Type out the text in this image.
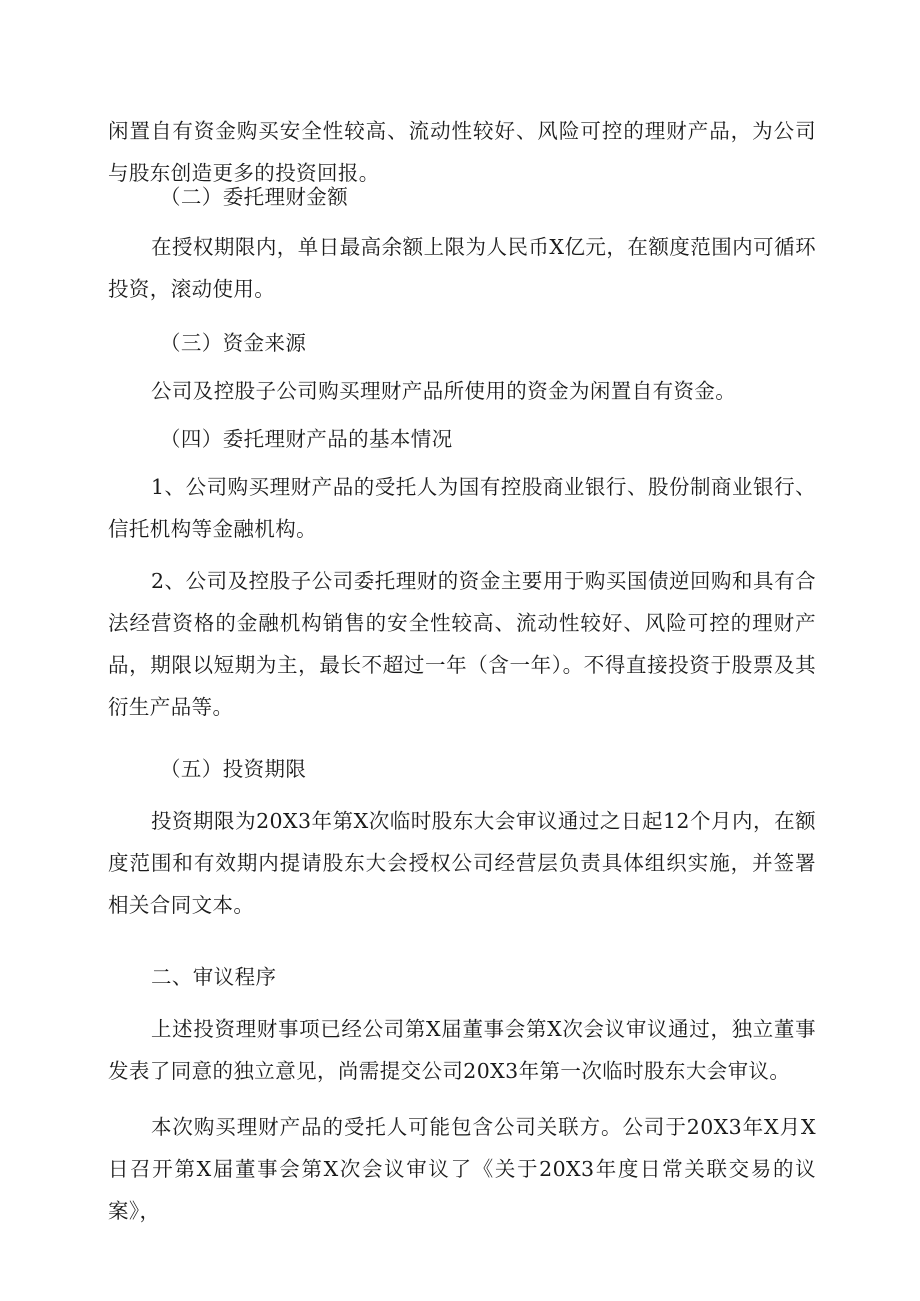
闲置自有资金购买安全性较高、流动性较好、风险可控的理财产品，为公司与股东创造更多的投资回报。

（二）委托理财金额

在授权期限内，单日最高余额上限为人民币X亿元，在额度范围内可循环投资，滚动使用。

（三）资金来源

公司及控股子公司购买理财产品所使用的资金为闲置自有资金。

（四）委托理财产品的基本情况

1、公司购买理财产品的受托人为国有控股商业银行、股份制商业银行、信托机构等金融机构。

2、公司及控股子公司委托理财的资金主要用于购买国债逆回购和具有合法经营资格的金融机构销售的安全性较高、流动性较好、风险可控的理财产品，期限以短期为主，最长不超过一年（含一年）。不得直接投资于股票及其衍生产品等。

（五）投资期限

投资期限为20X3年第X次临时股东大会审议通过之日起12个月内，在额度范围和有效期内提请股东大会授权公司经营层负责具体组织实施，并签署相关合同文本。

二、审议程序

上述投资理财事项已经公司第X届董事会第X次会议审议通过，独立董事发表了同意的独立意见，尚需提交公司20X3年第一次临时股东大会审议。

本次购买理财产品的受托人可能包含公司关联方。公司于20X3年X月X日召开第X届董事会第X次会议审议了《关于20X3年度日常关联交易的议案》，
